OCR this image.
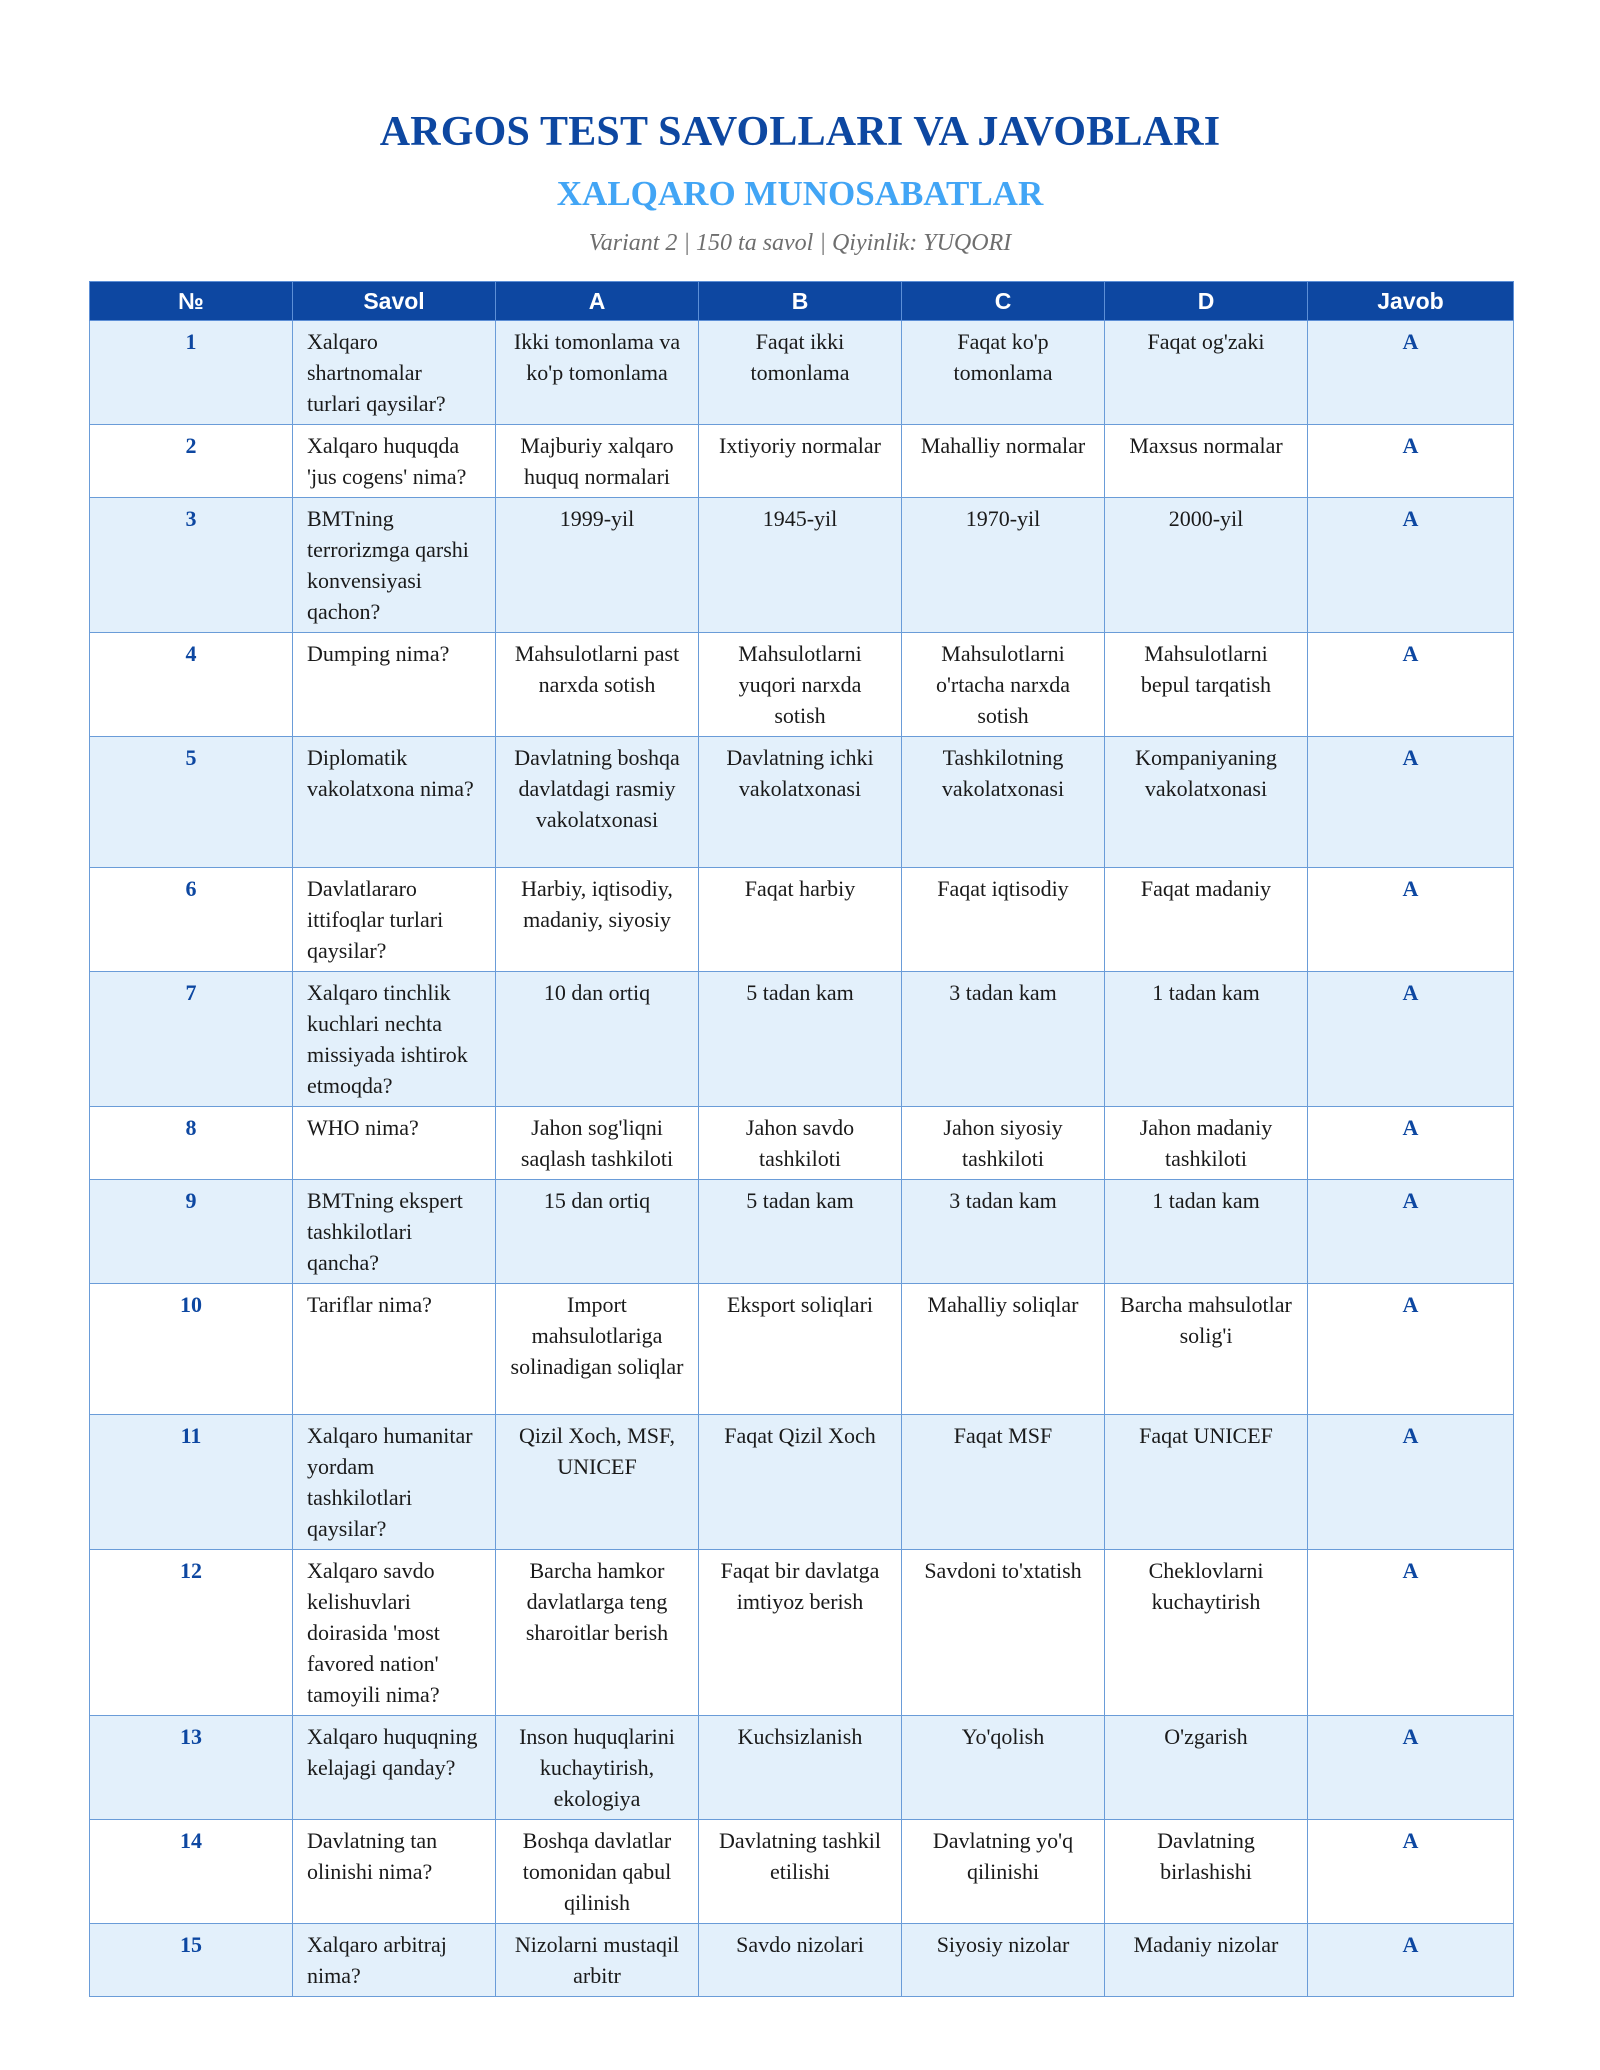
ARGOS TEST SAVOLLARI VA JAVOBLARI
XALQARO MUNOSABATLAR
Variant 2 | 150 ta savol | Qiyinlik: YUQORI
№	Savol	A	B	C	D	Javob
1	Xalqaro shartnomalar turlari qaysilar?	Ikki tomonlama va ko'p tomonlama	Faqat ikki tomonlama	Faqat ko'p tomonlama	Faqat og'zaki	A
2	Xalqaro huquqda 'jus cogens' nima?	Majburiy xalqaro huquq normalari	Ixtiyoriy normalar	Mahalliy normalar	Maxsus normalar	A
3	BMTning terrorizmga qarshi konvensiyasi qachon?	1999-yil	1945-yil	1970-yil	2000-yil	A
4	Dumping nima?	Mahsulotlarni past narxda sotish	Mahsulotlarni yuqori narxda sotish	Mahsulotlarni o'rtacha narxda sotish	Mahsulotlarni bepul tarqatish	A
5	Diplomatik vakolatxona nima?	Davlatning boshqa davlatdagi rasmiy vakolatxonasi	Davlatning ichki vakolatxonasi	Tashkilotning vakolatxonasi	Kompaniyaning vakolatxonasi	A
6	Davlatlararo ittifoqlar turlari qaysilar?	Harbiy, iqtisodiy, madaniy, siyosiy	Faqat harbiy	Faqat iqtisodiy	Faqat madaniy	A
7	Xalqaro tinchlik kuchlari nechta missiyada ishtirok etmoqda?	10 dan ortiq	5 tadan kam	3 tadan kam	1 tadan kam	A
8	WHO nima?	Jahon sog'liqni saqlash tashkiloti	Jahon savdo tashkiloti	Jahon siyosiy tashkiloti	Jahon madaniy tashkiloti	A
9	BMTning ekspert tashkilotlari qancha?	15 dan ortiq	5 tadan kam	3 tadan kam	1 tadan kam	A
10	Tariflar nima?	Import mahsulotlariga solinadigan soliqlar	Eksport soliqlari	Mahalliy soliqlar	Barcha mahsulotlar solig'i	A
11	Xalqaro humanitar yordam tashkilotlari qaysilar?	Qizil Xoch, MSF, UNICEF	Faqat Qizil Xoch	Faqat MSF	Faqat UNICEF	A
12	Xalqaro savdo kelishuvlari doirasida 'most favored nation' tamoyili nima?	Barcha hamkor davlatlarga teng sharoitlar berish	Faqat bir davlatga imtiyoz berish	Savdoni to'xtatish	Cheklovlarni kuchaytirish	A
13	Xalqaro huquqning kelajagi qanday?	Inson huquqlarini kuchaytirish, ekologiya	Kuchsizlanish	Yo'qolish	O'zgarish	A
14	Davlatning tan olinishi nima?	Boshqa davlatlar tomonidan qabul qilinish	Davlatning tashkil etilishi	Davlatning yo'q qilinishi	Davlatning birlashishi	A
15	Xalqaro arbitraj nima?	Nizolarni mustaqil arbitr	Savdo nizolari	Siyosiy nizolar	Madaniy nizolar	A
